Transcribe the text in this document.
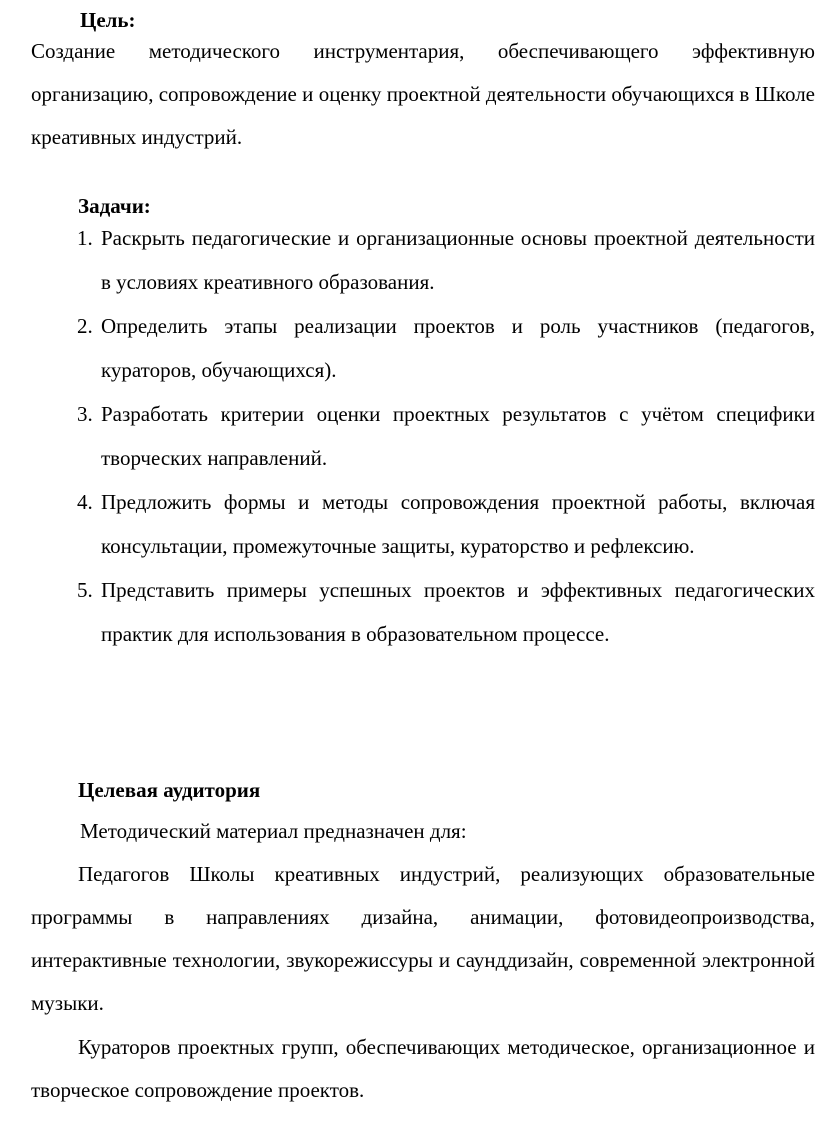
Цель:

Создание методического инструментария, обеспечивающего эффективную организацию, сопровождение и оценку проектной деятельности обучающихся в Школе креативных индустрий.

Задачи:
1. Раскрыть педагогические и организационные основы проектной деятельности в условиях креативного образования.
2. Определить этапы реализации проектов и роль участников (педагогов, кураторов, обучающихся).
3. Разработать критерии оценки проектных результатов с учётом специфики творческих направлений.
4. Предложить формы и методы сопровождения проектной работы, включая консультации, промежуточные защиты, кураторство и рефлексию.
5. Представить примеры успешных проектов и эффективных педагогических практик для использования в образовательном процессе.
Целевая аудитория

Методический материал предназначен для:

Педагогов Школы креативных индустрий, реализующих образовательные программы в направлениях дизайна, анимации, фотовидеопроизводства, интерактивные технологии, звукорежиссуры и саунддизайн, современной электронной музыки.

Кураторов проектных групп, обеспечивающих методическое, организационное и творческое сопровождение проектов.
